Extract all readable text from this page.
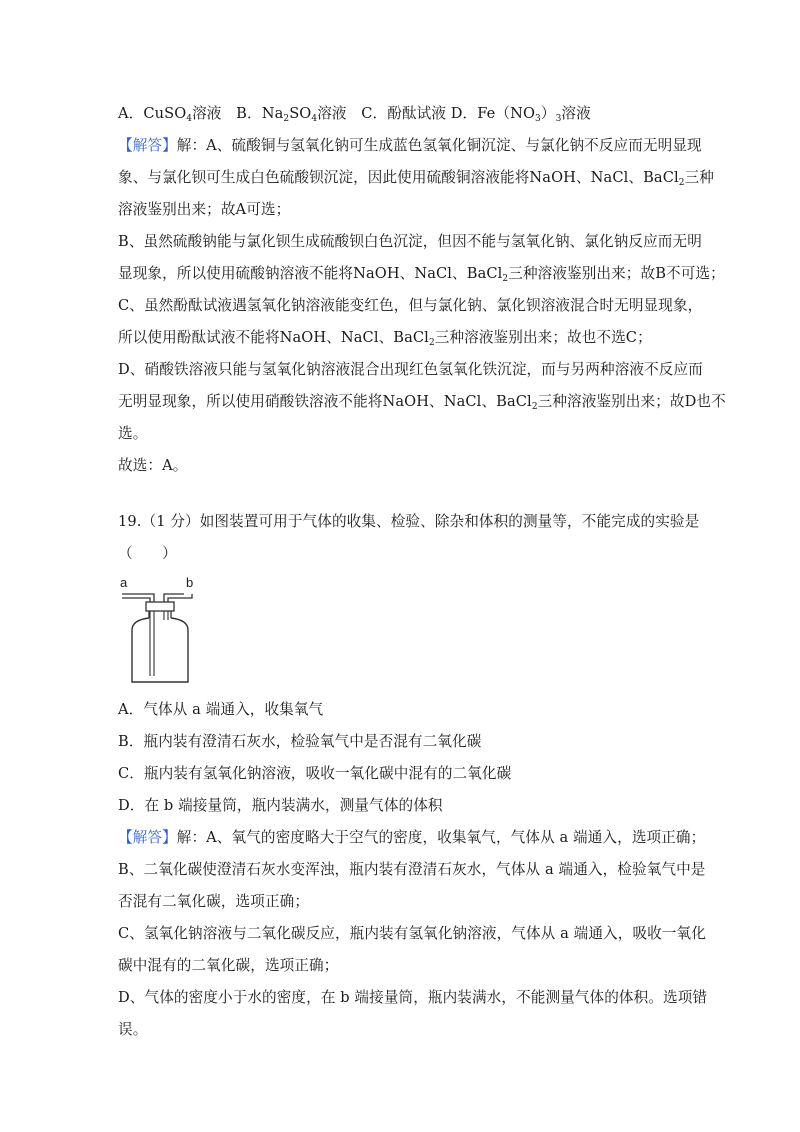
A．CuSO$_4$溶液　B．$Na_2SO_4$溶液　C．酚酞试液 D．$Fe(NO_3)_3$溶液
【解答】解：A、硫酸铜与氢氧化钠可生成蓝色氢氧化铜沉淀、与氯化钠不反应而无明显现
象、与氯化钡可生成白色硫酸钡沉淀，因此使用硫酸铜溶液能将NaOH、NaCl、BaCl$_2$三种
溶液鉴别出来；故A可选；
B、虽然硫酸钠能与氯化钡生成硫酸钡白色沉淀，但因不能与氢氧化钠、氯化钠反应而无明
显现象，所以使用硫酸钠溶液不能将NaOH、NaCl、BaCl$_2$三种溶液鉴别出来；故B不可选；
C、虽然酚酞试液遇氢氧化钠溶液能变红色，但与氯化钠、氯化钡溶液混合时无明显现象，
所以使用酚酞试液不能将NaOH、NaCl、BaCl$_2$三种溶液鉴别出来；故也不选C；
D、硝酸铁溶液只能与氢氧化钠溶液混合出现红色氢氧化铁沉淀，而与另两种溶液不反应而
无明显现象，所以使用硝酸铁溶液不能将NaOH、NaCl、BaCl$_2$三种溶液鉴别出来；故D也不
选。
故选：A。
19.（1 分）如图装置可用于气体的收集、检验、除杂和体积的测量等，不能完成的实验是
（　　）
a	b
A．气体从 a 端通入，收集氧气
B．瓶内装有澄清石灰水，检验氧气中是否混有二氧化碳
C．瓶内装有氢氧化钠溶液，吸收一氧化碳中混有的二氧化碳
D．在 b 端接量筒，瓶内装满水，测量气体的体积
【解答】解：A、氧气的密度略大于空气的密度，收集氧气，气体从 a 端通入，选项正确；
B、二氧化碳使澄清石灰水变浑浊，瓶内装有澄清石灰水，气体从 a 端通入，检验氧气中是
否混有二氧化碳，选项正确；
C、氢氧化钠溶液与二氧化碳反应，瓶内装有氢氧化钠溶液，气体从 a 端通入，吸收一氧化
碳中混有的二氧化碳，选项正确；
D、气体的密度小于水的密度，在 b 端接量筒，瓶内装满水，不能测量气体的体积。选项错
误。
